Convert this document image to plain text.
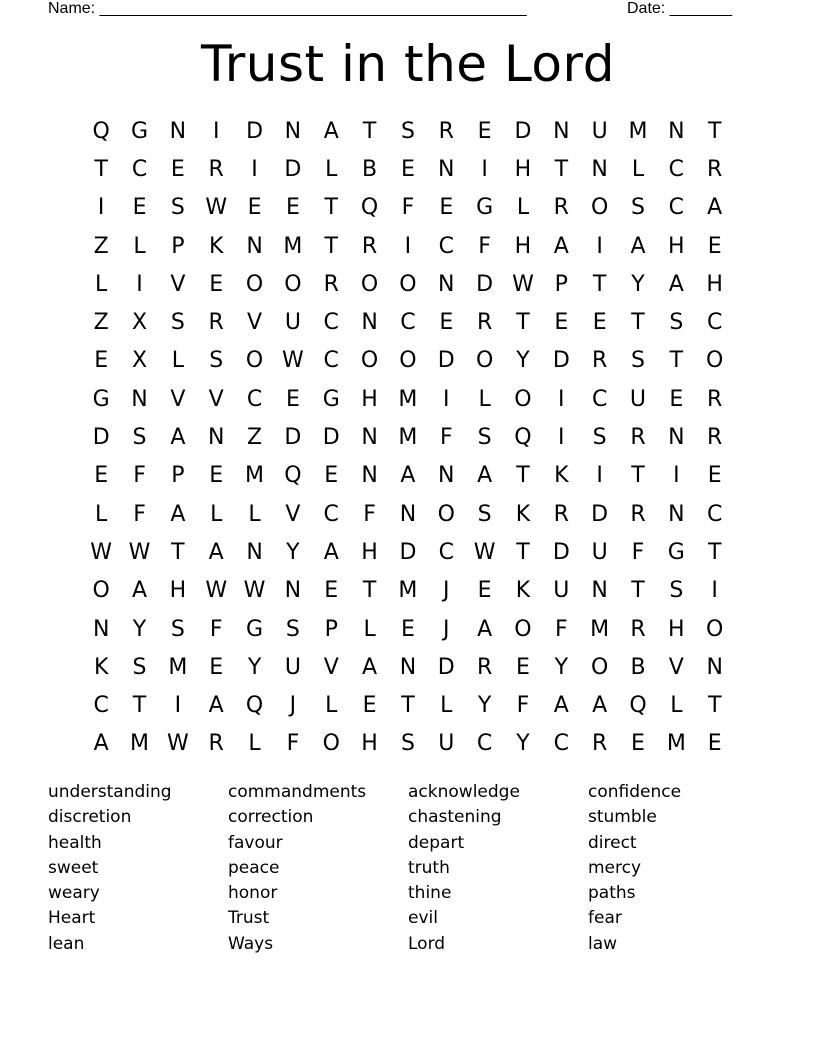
Name: ________________________________________________	Date: _______
Trust in the Lord
Q G N	I	D N	A	T	S	R	E	D N	U M N	T
T	C	E	R	I	D	L	B	E	N	I	H	T	N	L	C	R
I	E	S W E	E	T	Q	F	E	G	L	R	O	S	C	A
Z	L	P	K	N M	T	R	I	C	F	H	A	I	A	H	E
L	I	V	E	O O	R	O O N D W P	T	Y	A	H
Z	X	S	R	V	U	C	N	C	E	R	T	E	E	T	S	C
E	X	L	S	O W C O O D O	Y	D	R	S	T	O
G N	V	V	C	E	G H M	I	L	O	I	C	U	E	R
D	S	A	N	Z	D D N M	F	S	Q	I	S	R	N	R
E	F	P	E M Q	E	N	A	N	A	T	K	I	T	I	E
L	F	A	L	L	V	C	F	N O	S	K	R	D	R	N	C
W W T	A	N	Y	A	H D	C W T	D U	F	G	T
O	A	H W W N	E	T	M	J	E	K	U	N	T	S	I
N	Y	S	F	G	S	P	L	E	J	A	O	F	M R	H O
K	S M E	Y	U	V	A	N D	R	E	Y	O	B	V	N
C	T	I	A	Q	J	L	E	T	L	Y	F	A	A	Q	L	T
A M W R	L	F	O H	S	U	C	Y	C	R	E M E
understanding	commandments	acknowledge	confidence
discretion	correction	chastening	stumble
health	favour	depart	direct
sweet	peace	truth	mercy
weary	honor	thine	paths
Heart	Trust	evil	fear
lean	Ways	Lord	law
